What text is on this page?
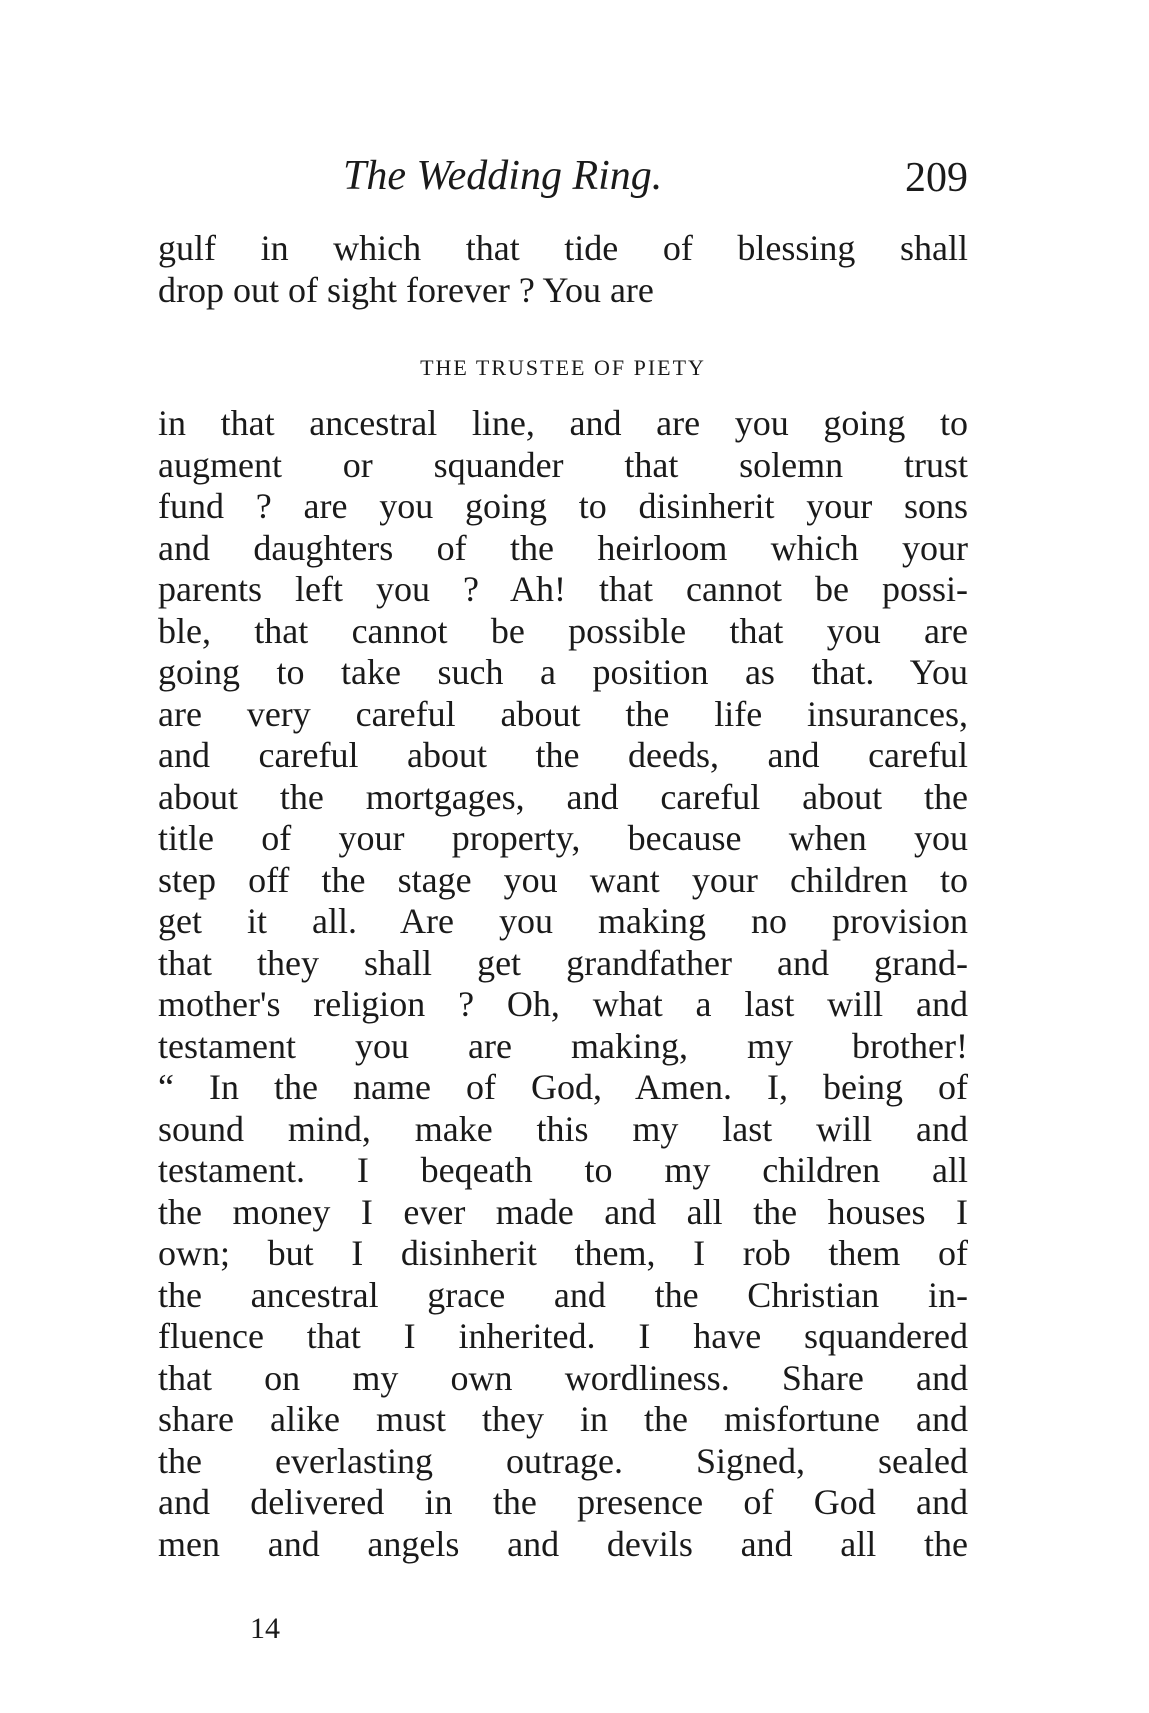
The Wedding Ring.	209
gulf in which that tide of blessing shall
drop out of sight forever ? You are
THE TRUSTEE OF PIETY
in that ancestral line, and are you going to
augment or squander that solemn trust
fund ? are you going to disinherit your sons
and daughters of the heirloom which your
parents left you ? Ah! that cannot be possi-
ble, that cannot be possible that you are
going to take such a position as that. You
are very careful about the life insurances,
and careful about the deeds, and careful
about the mortgages, and careful about the
title of your property, because when you
step off the stage you want your children to
get it all. Are you making no provision
that they shall get grandfather and grand-
mother's religion ? Oh, what a last will and
testament you are making, my brother!
“ In the name of God, Amen. I, being of
sound mind, make this my last will and
testament. I beqeath to my children all
the money I ever made and all the houses I
own; but I disinherit them, I rob them of
the ancestral grace and the Christian in-
fluence that I inherited. I have squandered
that on my own wordliness. Share and
share alike must they in the misfortune and
the everlasting outrage. Signed, sealed
and delivered in the presence of God and
men and angels and devils and all the
14
